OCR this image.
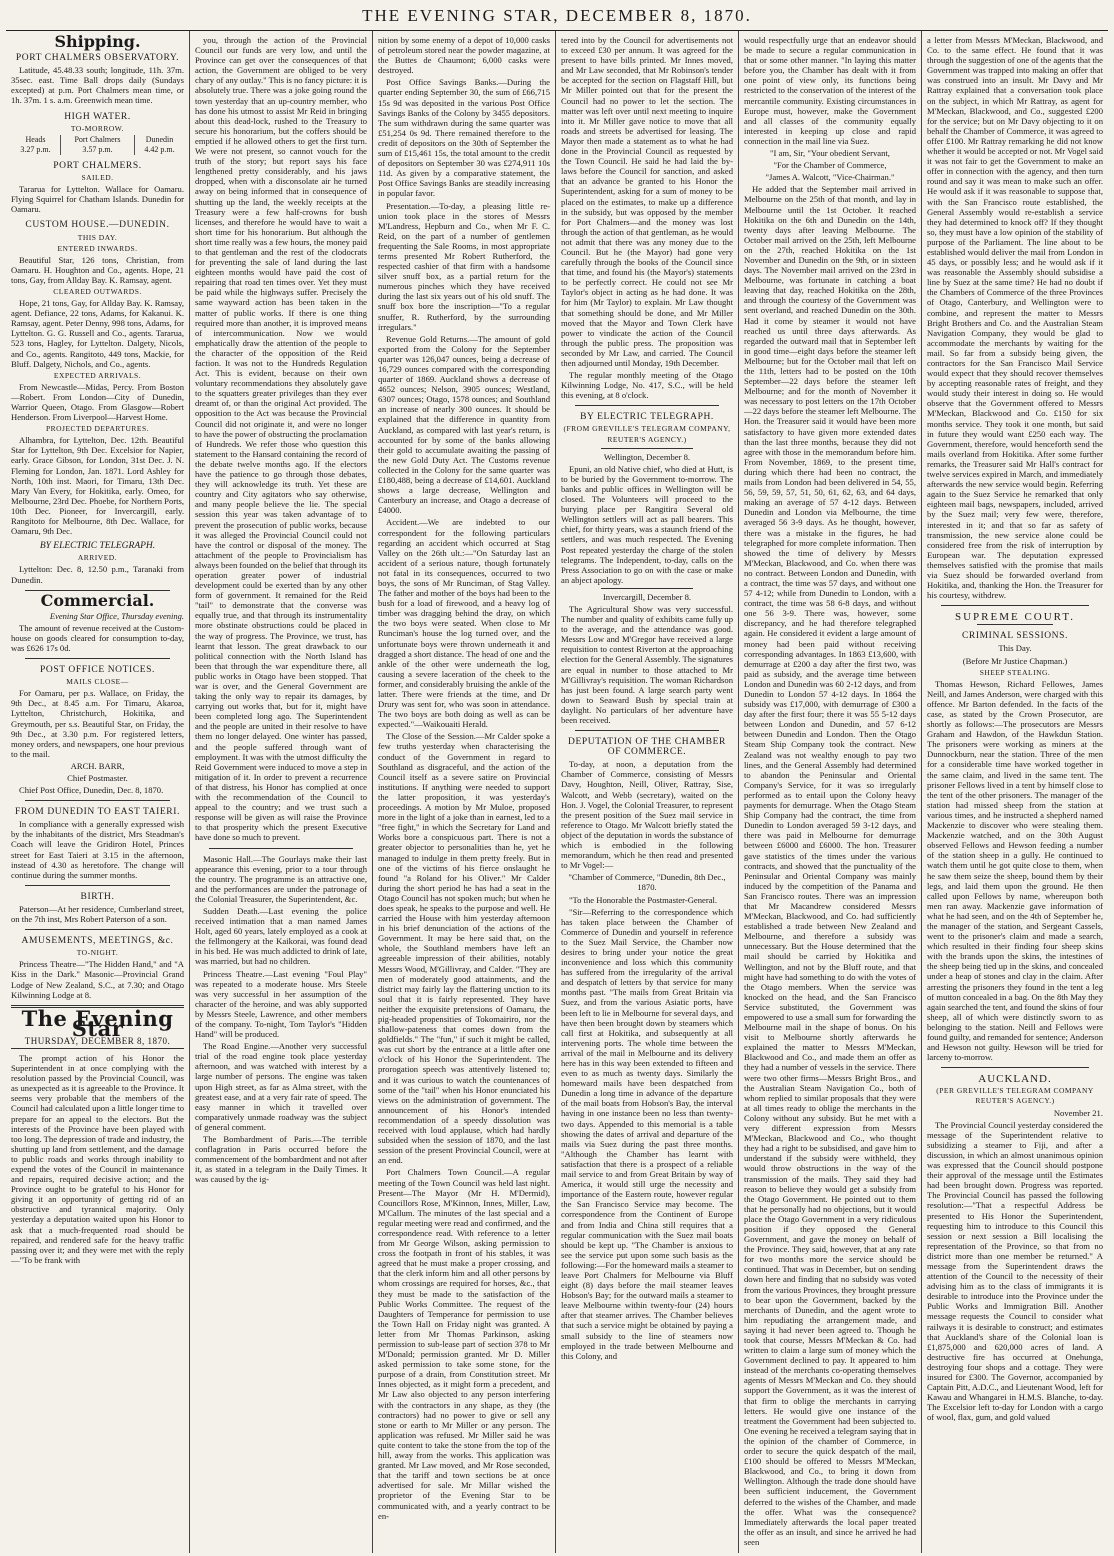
THE EVENING STAR, DECEMBER 8, 1870.
Shipping.
PORT CHALMERS OBSERVATORY.

Latitude, 45.48.33 south; longitude, 11h. 37m. 35sec. east. Time Ball drops daily (Sundays excepted) at p.m. Port Chalmers mean time, or 1h. 37m. 1 s. a.m. Greenwich mean time.

HIGH WATER.
TO-MORROW.
Heads	Port Chalmers	Dunedin
3.27 p.m.	3.57 p.m.	4.42 p.m.
PORT CHALMERS.
SAILED.

Tararua for Lyttelton. Wallace for Oamaru. Flying Squirrel for Chatham Islands. Dunedin for Oamaru.

CUSTOM HOUSE.—DUNEDIN.
THIS DAY.
ENTERED INWARDS.

Beautiful Star, 126 tons, Christian, from Oamaru. H. Houghton and Co., agents. Hope, 21 tons, Gay, from Allday Bay. K. Ramsay, agent.

CLEARED OUTWARDS.

Hope, 21 tons, Gay, for Allday Bay. K. Ramsay, agent. Defiance, 22 tons, Adams, for Kakanui. K. Ramsay, agent. Peter Denny, 998 tons, Adams, for Lyttelton. G. G. Russell and Co., agents. Tararua, 523 tons, Hagley, for Lyttelton. Dalgety, Nicols, and Co., agents. Rangitoto, 449 tons, Mackie, for Bluff. Dalgety, Nichols, and Co., agents.

EXPECTED ARRIVALS.

From Newcastle—Midas, Percy. From Boston—Robert. From London—City of Dunedin, Warrior Queen, Otago. From Glasgow—Robert Henderson. From Liverpool—Harvest Home.

PROJECTED DEPARTURES.

Alhambra, for Lyttelton, Dec. 12th. Beautiful Star for Lyttelton, 9th Dec. Excelsior for Napier, early. Grace Gibson, for London, 31st Dec. J. N. Fleming for London, Jan. 1871. Lord Ashley for North, 10th inst. Maori, for Timaru, 13th Dec. Mary Van Every, for Hokitika, early. Omeo, for Melbourne, 23rd Dec. Phoebe, for Northern Ports, 10th Dec. Pioneer, for Invercargill, early. Rangitoto for Melbourne, 8th Dec. Wallace, for Oamaru, 9th Dec.

BY ELECTRIC TELEGRAPH.
ARRIVED.

Lyttelton: Dec. 8, 12.50 p.m., Taranaki from Dunedin.

Commercial.
Evening Star Office, Thursday evening.

The amount of revenue received at the Custom-house on goods cleared for consumption to-day, was £626 17s 0d.

POST OFFICE NOTICES.
MAILS CLOSE—

For Oamaru, per p.s. Wallace, on Friday, the 9th Dec., at 8.45 a.m. For Timaru, Akaroa, Lyttelton, Christchurch, Hokitika, and Greymouth, per s.s. Beautiful Star, on Friday, the 9th Dec., at 3.30 p.m. For registered letters, money orders, and newspapers, one hour previous to the mail.

ARCH. BARR,

Chief Postmaster.

Chief Post Office, Dunedin, Dec. 8, 1870.

FROM DUNEDIN TO EAST TAIERI.

In compliance with a generally expressed wish by the inhabitants of the district, Mrs Steadman's Coach will leave the Gridiron Hotel, Princes street for East Taieri at 3.15 in the afternoon, instead of 4.30 as heretofore. The change will continue during the summer months.

BIRTH.

Paterson—At her residence, Cumberland street, on the 7th inst, Mrs Robert Paterson of a son.

AMUSEMENTS, MEETINGS, &c.
TO-NIGHT.

Princess Theatre—"The Hidden Hand," and "A Kiss in the Dark." Masonic—Provincial Grand Lodge of New Zealand, S.C., at 7.30; and Otago Kilwinning Lodge at 8.

The Evening Star
THURSDAY, DECEMBER 8, 1870.

The prompt action of his Honor the Superintendent in at once complying with the resolution passed by the Provincial Council, was as unexpected as it is agreeable to the Province. It seems very probable that the members of the Council had calculated upon a little longer time to prepare for an appeal to the electors. But the interests of the Province have been played with too long. The depression of trade and industry, the shutting up land from settlement, and the damage to public roads and works through inability to expend the votes of the Council in maintenance and repairs, required decisive action; and the Province ought to be grateful to his Honor for giving it an opportunity of getting rid of an obstructive and tyrannical majority. Only yesterday a deputation waited upon his Honor to ask that a much-frequented road should be repaired, and rendered safe for the heavy traffic passing over it; and they were met with the reply—"To be frank with

you, through the action of the Provincial Council our funds are very low, and until the Province can get over the consequences of that action, the Government are obliged to be very chary of any outlay." This is no fancy picture: it is absolutely true. There was a joke going round the town yesterday that an up-country member, who has done his utmost to assist Mr Reid in bringing about this dead-lock, rushed to the Treasury to secure his honorarium, but the coffers should be emptied if he allowed others to get the first turn. We were not present, so cannot vouch for the truth of the story; but report says his face lengthened pretty considerably, and his jaws dropped, when with a disconsolate air he turned away on being informed that in consequence of shutting up the land, the weekly receipts at the Treasury were a few half-crowns for bush licenses, and therefore he would have to wait a short time for his honorarium. But although the short time really was a few hours, the money paid to that gentleman and the rest of the clodocrats for preventing the sale of land during the last eighteen months would have paid the cost of repairing that road ten times over. Yet they must be paid while the highways suffer. Precisely the same wayward action has been taken in the matter of public works. If there is one thing required more than another, it is improved means of intercommunication. Now we would emphatically draw the attention of the people to the character of the opposition of the Reid faction. It was not to the Hundreds Regulation Act. This is evident, because on their own voluntary recommendations they absolutely gave to the squatters greater privileges than they ever dreamt of, or than the original Act provided. The opposition to the Act was because the Provincial Council did not originate it, and were no longer to have the power of obstructing the proclamation of Hundreds. We refer those who question this statement to the Hansard containing the record of the debate twelve months ago. If the electors have the patience to go through those debates, they will acknowledge its truth. Yet these are country and City agitators who say otherwise, and many people believe the lie. The special session this year was taken advantage of to prevent the prosecution of public works, because it was alleged the Provincial Council could not have the control or disposal of the money. The attachment of the people to Provincialism has always been founded on the belief that through its operation greater power of industrial development could be exerted than by any other form of government. It remained for the Reid "tail" to demonstrate that the converse was equally true, and that through its instrumentality more obstinate obstructions could be placed in the way of progress. The Province, we trust, has learnt that lesson. The great drawback to our political connection with the North Island has been that through the war expenditure there, all public works in Otago have been stopped. That war is over, and the General Government are taking the only way to repair its damages, by carrying out works that, but for it, might have been completed long ago. The Superintendent and the people are united in their resolve to have them no longer delayed. One winter has passed, and the people suffered through want of employment. It was with the utmost difficulty the Reid Government were induced to move a step in mitigation of it. In order to prevent a recurrence of that distress, his Honor has complied at once with the recommendation of the Council to appeal to the country; and we trust such a response will be given as will raise the Province to that prosperity which the present Executive have done so much to prevent.

Masonic Hall.—The Gourlays make their last appearance this evening, prior to a tour through the country. The programme is an attractive one, and the performances are under the patronage of the Colonial Treasurer, the Superintendent, &c.

Sudden Death.—Last evening the police received intimation that a man named James Holt, aged 60 years, lately employed as a cook at the fellmongery at the Kaikorai, was found dead in his bed. He was much addicted to drink of late, was married, but had no children.

Princess Theatre.—Last evening "Foul Play" was repeated to a moderate house. Mrs Steele was very successful in her assumption of the character of the heroine, and was ably supported by Messrs Steele, Lawrence, and other members of the company. To-night, Tom Taylor's "Hidden Hand" will be produced.

The Road Engine.—Another very successful trial of the road engine took place yesterday afternoon, and was watched with interest by a large number of persons. The engine was taken upon High street, as far as Alma street, with the greatest ease, and at a very fair rate of speed. The easy manner in which it travelled over comparatively unmade roadway was the subject of general comment.

The Bombardment of Paris.—The terrible conflagration in Paris occurred before the commencement of the bombardment and not after it, as stated in a telegram in the Daily Times. It was caused by the ig-

nition by some enemy of a depot of 10,000 casks of petroleum stored near the powder magazine, at the Buttes de Chaumont; 6,000 casks were destroyed.

Post Office Savings Banks.—During the quarter ending September 30, the sum of £66,715 15s 9d was deposited in the various Post Office Savings Banks of the Colony by 3455 depositors. The sum withdrawn during the same quarter was £51,254 0s 9d. There remained therefore to the credit of depositors on the 30th of September the sum of £15,461 15s, the total amount to the credit of depositors on September 30 was £274,911 10s 11d. As given by a comparative statement, the Post Office Savings Banks are steadily increasing in popular favor.

Presentation.—To-day, a pleasing little re-union took place in the stores of Messrs M'Landress, Hepburn and Co., when Mr F. C. Reid, on the part of a number of gentlemen frequenting the Sale Rooms, in most appropriate terms presented Mr Robert Rutherford, the respected cashier of that firm with a handsome silver snuff box, as a partial return for the numerous pinches which they have received during the last six years out of his old snuff. The snuff box bore the inscription—"To a regular snuffer, R. Rutherford, by the surrounding irregulars."

Revenue Gold Returns.—The amount of gold exported from the Colony for the September quarter was 126,047 ounces, being a decrease of 16,729 ounces compared with the corresponding quarter of 1869. Auckland shows a decrease of 4652 ounces; Nelson, 3905 ounces; Westland, 6307 ounces; Otago, 1578 ounces; and Southland an increase of nearly 300 ounces. It should be explained that the difference in quantity from Auckland, as compared with last year's return, is accounted for by some of the banks allowing their gold to accumulate awaiting the passing of the new Gold Duty Act. The Customs revenue collected in the Colony for the same quarter was £180,488, being a decrease of £14,601. Auckland shows a large decrease, Wellington and Canterbury an increase, and Otago a decrease of £4000.

Accident.—We are indebted to our correspondent for the following particulars regarding an accident which occurred at Stag Valley on the 26th ult.:—"On Saturday last an accident of a serious nature, though fortunately not fatal in its consequences, occurred to two boys, the sons of Mr Runciman, of Stag Valley. The father and mother of the boys had been to the bush for a load of firewood, and a heavy log of timber was dragging behind the dray, on which the two boys were seated. When close to Mr Runciman's house the log turned over, and the unfortunate boys were thrown underneath it and dragged a short distance. The head of one and the ankle of the other were underneath the log, causing a severe laceration of the cheek to the former, and considerably bruising the ankle of the latter. There were friends at the time, and Dr Drury was sent for, who was soon in attendance. The two boys are both doing as well as can be expected."—Waikouaiti Herald.

The Close of the Session.—Mr Calder spoke a few truths yesterday when characterising the conduct of the Government in regard to Southland as disgraceful, and the action of the Council itself as a severe satire on Provincial institutions. If anything were needed to support the latter proposition, it was yesterday's proceedings. A motion by Mr Muloe, proposed more in the light of a joke than in earnest, led to a "free fight," in which the Secretary for Land and Works bore a conspicuous part. There is not a greater objector to personalities than he, yet he managed to indulge in them pretty freely. But in one of the victims of his fierce onslaught he found "a Roland for his Oliver." Mr Calder during the short period he has had a seat in the Otago Council has not spoken much; but when he does speak, he speaks to the purpose and well. He carried the House with him yesterday afternoon in his brief denunciation of the actions of the Government. It may be here said that, on the whole, the Southland members have left an agreeable impression of their abilities, notably Messrs Wood, M'Gillivray, and Calder. "They are men of moderately good attainments, and the district may fairly lay the flattering unction to its soul that it is fairly represented. They have neither the exquisite pretensions of Oamaru, the pig-headed propensities of Tokomairiro, nor the shallow-pateness that comes down from the goldfields." The "fun," if such it might be called, was cut short by the entrance at a little after one o'clock of his Honor the Superintendent. The prorogation speech was attentively listened to; and it was curious to watch the countenances of some of the "tail" when his Honor enunciated his views on the administration of government. The announcement of his Honor's intended recommendation of a speedy dissolution was received with loud applause, which had hardly subsided when the session of 1870, and the last session of the present Provincial Council, were at an end.

Port Chalmers Town Council.—A regular meeting of the Town Council was held last night. Present—The Mayor (Mr H. M'Dermid), Councillors Rose, M'Kinnon, Innes, Miller, Law, M'Callum. The minutes of the last special and a regular meeting were read and confirmed, and the correspondence read. With reference to a letter from Mr George Wilson, asking permission to cross the footpath in front of his stables, it was agreed that he must make a proper crossing, and that the clerk inform him and all other persons by whom crossings are required for horses, &c., that they must be made to the satisfaction of the Public Works Committee. The request of the Daughters of Temperance for permission to use the Town Hall on Friday night was granted. A letter from Mr Thomas Parkinson, asking permission to sub-lease part of section 378 to Mr M'Donald; permission granted. Mr D. Miller asked permission to take some stone, for the purpose of a drain, from Constitution street. Mr Innes objected, as it might form a precedent, and Mr Law also objected to any person interfering with the contractors in any shape, as they (the contractors) had no power to give or sell any stone or earth to Mr Miller or any person. The application was refused. Mr Miller said he was quite content to take the stone from the top of the hill, away from the works. This application was granted. Mr Law moved, and Mr Rose seconded, that the tariff and town sections be at once advertised for sale. Mr Millar wished the proprietor of the Evening Star to be communicated with, and a yearly contract to be en-

tered into by the Council for advertisements not to exceed £30 per annum. It was agreed for the present to have bills printed. Mr Innes moved, and Mr Law seconded, that Mr Robinson's tender be accepted for the section on Flagstaff Hill, but Mr Miller pointed out that for the present the Council had no power to let the section. The matter was left over until next meeting to inquire into it. Mr Miller gave notice to move that all roads and streets be advertised for leasing. The Mayor then made a statement as to what he had done in the Provincial Council as requested by the Town Council. He said he had laid the by-laws before the Council for sanction, and asked that an advance be granted to his Honor the Superintendent, asking for a sum of money to be placed on the estimates, to make up a difference in the subsidy, but was opposed by the member for Port Chalmers—and the money was lost through the action of that gentleman, as he would not admit that there was any money due to the Council. But he (the Mayor) had gone very carefully through the books of the Council since that time, and found his (the Mayor's) statements to be perfectly correct. He could not see Mr Taylor's object in acting as he had done. It was for him (Mr Taylor) to explain. Mr Law thought that something should be done, and Mr Miller moved that the Mayor and Town Clerk have power to vindicate the action of the Council through the public press. The proposition was seconded by Mr Law, and carried. The Council then adjourned until Monday, 19th December.

The regular monthly meeting of the Otago Kilwinning Lodge, No. 417, S.C., will be held this evening, at 8 o'clock.

BY ELECTRIC TELEGRAPH.
(FROM GREVILLE'S TELEGRAM COMPANY, REUTER'S AGENCY.)

Wellington, December 8.

Epuni, an old Native chief, who died at Hutt, is to be buried by the Government to-morrow. The banks and public offices in Wellington will be closed. The Volunteers will proceed to the burying place per Rangitira Several old Wellington settlers will act as pall bearers. This chief, for thirty years, was a staunch friend of the settlers, and was much respected. The Evening Post repeated yesterday the charge of the stolen telegrams. The Independent, to-day, calls on the Press Association to go on with the case or make an abject apology.

Invercargill, December 8.

The Agricultural Show was very successful. The number and quality of exhibits came fully up to the average, and the attendance was good. Messrs Low and M'Gregor have received a large requisition to contest Riverton at the approaching election for the General Assembly. The signatures are equal in number to those attached to Mr M'Gillivray's requisition. The woman Richardson has just been found. A large search party went down to Seaward Bush by special train at daylight. No particulars of her adventure have been received.

DEPUTATION OF THE CHAMBER OF COMMERCE.

To-day, at noon, a deputation from the Chamber of Commerce, consisting of Messrs Davy, Houghton, Neill, Oliver, Rattray, Sise, Walcott, and Webb (secretary), waited on the Hon. J. Vogel, the Colonial Treasurer, to represent the present position of the Suez mail service in reference to Otago. Mr Walcott briefly stated the object of the deputation in words the substance of which is embodied in the following memorandum, which he then read and presented to Mr Vogel:—

"Chamber of Commerce, "Dunedin, 8th Dec., 1870.

"To the Honorable the Postmaster-General.

"Sir—Referring to the correspondence which has taken place between the Chamber of Commerce of Dunedin and yourself in reference to the Suez Mail Service, the Chamber now desires to bring under your notice the great inconvenience and loss which this community has suffered from the irregularity of the arrival and despatch of letters by that service for many months past. "The mails from Great Britain via Suez, and from the various Asiatic ports, have been left to lie in Melbourne for several days, and have then been brought down by steamers which call first at Hokitika, and subsequently at all intervening ports. The whole time between the arrival of the mail in Melbourne and its delivery here has in this way been extended to fifteen and even to as much as twenty days. Similarly the homeward mails have been despatched from Dunedin a long time in advance of the departure of the mail boats from Hobson's Bay, the interval having in one instance been no less than twenty-two days. Appended to this memorial is a table showing the dates of arrival and departure of the mails via Suez during the past three months. "Although the Chamber has learnt with satisfaction that there is a prospect of a reliable mail service to and from Great Britain by way of America, it would still urge the necessity and importance of the Eastern route, however regular the San Francisco Service may become. The correspondence from the Continent of Europe and from India and China still requires that a regular communication with the Suez mail boats should be kept up. "The Chamber is anxious to see the service put upon some such basis as the following:—For the homeward mails a steamer to leave Port Chalmers for Melbourne via Bluff eight (8) days before the mail steamer leaves Hobson's Bay; for the outward mails a steamer to leave Melbourne within twenty-four (24) hours after that steamer arrives. The Chamber believes that such a service might be obtained by paying a small subsidy to the line of steamers now employed in the trade between Melbourne and this Colony, and

would respectfully urge that an endeavor should be made to secure a regular communication in that or some other manner. "In laying this matter before you, the Chamber has dealt with it from one point of view only, its functions being restricted to the conservation of the interest of the mercantile community. Existing circumstances in Europe must, however, make the Government and all classes of the community equally interested in keeping up close and rapid connection in the mail line via Suez.

"I am, Sir, "Your obedient Servant,

"For the Chamber of Commerce,

"James A. Walcott, "Vice-Chairman."

He added that the September mail arrived in Melbourne on the 25th of that month, and lay in Melbourne until the 1st October. It reached Hokitika on the 6th and Dunedin on the 14th, twenty days after leaving Melbourne. The October mail arrived on the 25th, left Melbourne on the 27th, reached Hokitika on the 1st November and Dunedin on the 9th, or in sixteen days. The November mail arrived on the 23rd in Melbourne, was fortunate in catching a boat leaving that day, reached Hokitika on the 28th, and through the courtesy of the Government was sent overland, and reached Dunedin on the 30th. Had it come by steamer it would not have reached us until three days afterwards. As regarded the outward mail that in September left in good time—eight days before the steamer left Melbourne; but for the October mail that left on the 11th, letters had to be posted on the 10th September—22 days before the steamer left Melbourne; and for the month of November it was necessary to post letters on the 17th October—22 days before the steamer left Melbourne. The Hon. the Treasurer said it would have been more satisfactory to have given more extended dates than the last three months, because they did not agree with those in the memorandum before him. From November, 1869, to the present time, during which there had been no contract, the mails from London had been delivered in 54, 55, 56, 59, 59, 57, 51, 50, 61, 62, 63, and 64 days, making an average of 57 4-12 days. Between Dunedin and London via Melbourne, the time averaged 56 3-9 days. As he thought, however, there was a mistake in the figures, he had telegraphed for more complete information. Then showed the time of delivery by Messrs M'Meckan, Blackwood, and Co. when there was no contract. Between London and Dunedin, with a contract, the time was 57 days, and without one 57 4-12; while from Dunedin to London, with a contract, the time was 58 6-8 days, and without one 56 3-9. There was, however, some discrepancy, and he had therefore telegraphed again. He considered it evident a large amount of money had been paid without receiving corresponding advantages. In 1863 £13,600, with demurrage at £200 a day after the first two, was paid as subsidy, and the average time between London and Dunedin was 60 2-12 days, and from Dunedin to London 57 4-12 days. In 1864 the subsidy was £17,000, with demurrage of £300 a day after the first four; there it was 55 5-12 days between London and Dunedin, and 57 6-12 between Dunedin and London. Then the Otago Steam Ship Company took the contract. New Zealand was not wealthy enough to pay two lines, and the General Assembly had determined to abandon the Peninsular and Oriental Company's Service, for it was so irregularly performed as to entail upon the Colony heavy payments for demurrage. When the Otago Steam Ship Company had the contract, the time from Dunedin to London averaged 59 3-12 days, and there was paid in Melbourne for demurrage between £6000 and £6000. The hon. Treasurer gave statistics of the times under the various contracts, and showed that the punctuality of the Peninsular and Oriental Company was mainly induced by the competition of the Panama and San Francisco routes. There was an impression that Mr Macandrew considered Messrs M'Meckan, Blackwood, and Co. had sufficiently established a trade between New Zealand and Melbourne, and therefore a subsidy was unnecessary. But the House determined that the mail should be carried by Hokitika and Wellington, and not by the Bluff route, and that might have had something to do with the votes of the Otago members. When the service was knocked on the head, and the San Francisco Service substituted, the Government was empowered to use a small sum for forwarding the Melbourne mail in the shape of bonus. On his visit to Melbourne shortly afterwards he explained the matter to Messrs M'Meckan, Blackwood and Co., and made them an offer as they had a number of vessels in the service. There were two other firms—Messrs Bright Bros., and the Australian Steam Navigation Co., both of whom replied to similar proposals that they were at all times ready to oblige the merchants in the Colony without any subsidy. But he met with a very different expression from Messrs M'Meckan, Blackwood and Co., who thought they had a right to be subsidised, and gave him to understand if the subsidy were withheld, they would throw obstructions in the way of the transmission of the mails. They said they had reason to believe they would get a subsidy from the Otago Government. He pointed out to them that he personally had no objections, but it would place the Otago Government in a very ridiculous position if they opposed the General Government, and gave the money on behalf of the Province. They said, however, that at any rate for two months more the service should be continued. That was in December, but on sending down here and finding that no subsidy was voted from the various Provinces, they brought pressure to bear upon the Government, backed by the merchants of Dunedin, and the agent wrote to him repudiating the arrangement made, and saying it had never been agreed to. Though he took that course, Messrs M'Meckan & Co. had written to claim a large sum of money which the Government declined to pay. It appeared to him instead of the merchants co-operating themselves agents of Messrs M'Meckan and Co. they should support the Government, as it was the interest of that firm to oblige the merchants in carrying letters. He would give one instance of the treatment the Government had been subjected to. One evening he received a telegram saying that in the opinion of the chamber of Commerce, in order to secure the quick despatch of the mail, £100 should be offered to Messrs M'Meckan, Blackwood, and Co., to bring it down from Wellington. Although the trade done should have been sufficient inducement, the Government deferred to the wishes of the Chamber, and made the offer. What was the consequence? Immediately afterwards the local paper treated the offer as an insult, and since he arrived he had seen

a letter from Messrs M'Meckan, Blackwood, and Co. to the same effect. He found that it was through the suggestion of one of the agents that the Government was trapped into making an offer that was construed into an insult. Mr Davy and Mr Rattray explained that a conversation took place on the subject, in which Mr Rattray, as agent for M'Meckan, Blackwood, and Co., suggested £200 for the service; but on Mr Davy objecting to it on behalf the Chamber of Commerce, it was agreed to offer £100. Mr Rattray remarking he did not know whether it would be accepted or not. Mr Vogel said it was not fair to get the Government to make an offer in connection with the agency, and then turn round and say it was mean to make such an offer. He would ask if it was reasonable to suppose that, with the San Francisco route established, the General Assembly would re-establish a service they had determined to knock off? If they thought so, they must have a low opinion of the stability of purpose of the Parliament. The line about to be established would deliver the mail from London in 45 days, or possibly less; and he would ask if it was reasonable the Assembly should subsidise a line by Suez at the same time? He had no doubt if the Chambers of Commerce of the three Provinces of Otago, Canterbury, and Wellington were to combine, and represent the matter to Messrs Bright Brothers and Co. and the Australian Steam Navigation Company, they would be glad to accommodate the merchants by waiting for the mail. So far from a subsidy being given, the contractors for the San Francisco Mail Service would expect that they should recover themselves by accepting reasonable rates of freight, and they would study their interest in doing so. He would observe that the Government offered to Messrs M'Meckan, Blackwood and Co. £150 for six months service. They took it one month, but said in future they would want £250 each way. The Government, therefore, would henceforth send the mails overland from Hokitika. After some further remarks, the Treasurer said Mr Hall's contract for twelve services expired in March, and immediately afterwards the new service would begin. Referring again to the Suez Service he remarked that only eighteen mail bags, newspapers, included, arrived by the Suez mail; very few were, therefore, interested in it; and that so far as safety of transmission, the new service alone could be considered free from the risk of interruption by European war. The deputation expressed themselves satisfied with the promise that mails via Suez should be forwarded overland from Hokitika, and, thanking the Hon. the Treasurer for his courtesy, withdrew.

SUPREME COURT.
CRIMINAL SESSIONS.

This Day.

(Before Mr Justice Chapman.)

SHEEP STEALING.

Thomas Hewson, Richard Fellowes, James Neill, and James Anderson, were charged with this offence. Mr Barton defended. In the facts of the case, as stated by the Crown Prosecutor, are shortly as follows:—The prosecutors are Messrs Graham and Hawdon, of the Hawkdun Station. The prisoners were working as miners at the Dunnockburn, near the station. Three of the men for a considerable time have worked together in the same claim, and lived in the same tent. The prisoner Fellows lived in a tent by himself close to the tent of the other prisoners. The manager of the station had missed sheep from the station at various times, and he instructed a shepherd named Mackenzie to discover who were stealing them. Mackenzie watched, and on the 30th August observed Fellows and Hewson feeding a number of the station sheep in a gully. He continued to watch them until he got quite close to them, when he saw them seize the sheep, bound them by their legs, and laid them upon the ground. He then called upon Fellows by name, whereupon both men ran away. Mackenzie gave information of what he had seen, and on the 4th of September he, the manager of the station, and Sergeant Cassels, went to the prisoner's claim and made a search, which resulted in their finding four sheep skins with the brands upon the skins, the intestines of the sheep being tied up in the skins, and concealed under a heap of stones and clay in the claim. After arresting the prisoners they found in the tent a leg of mutton concealed in a bag. On the 8th May they again searched the tent, and found the skins of four sheep, all of which were distinctly sworn to as belonging to the station. Neill and Fellows were found guilty, and remanded for sentence; Anderson and Hewson not guilty. Hewson will be tried for larceny to-morrow.

AUCKLAND.
(PER GREVILLE'S TELEGRAM COMPANY REUTER'S AGENCY.)

November 21.

The Provincial Council yesterday considered the message of the Superintendent relative to subsidizing a steamer to Fiji, and after a discussion, in which an almost unanimous opinion was expressed that the Council should postpone their approval of the message until the Estimates had been brought down. Progress was reported. The Provincial Council has passed the following resolution:—"That a respectful Address be presented to His Honor the Superintendent, requesting him to introduce to this Council this session or next session a Bill localising the representation of the Province, so that from no district more than one member be returned." A message from the Superintendent draws the attention of the Council to the necessity of their advising him as to the class of immigrants it is desirable to introduce into the Province under the Public Works and Immigration Bill. Another message requests the Council to consider what railways it is desirable to construct; and estimates that Auckland's share of the Colonial loan is £1,875,000 and 620,000 acres of land. A destructive fire has occurred at Onehunga, destroying four shops and a cottage. They were insured for £300. The Governor, accompanied by Captain Pitt, A.D.C., and Lieutenant Wood, left for Kawau and Whangarei in H.M.S. Blanche, to-day. The Excelsior left to-day for London with a cargo of wool, flax, gum, and gold valued
